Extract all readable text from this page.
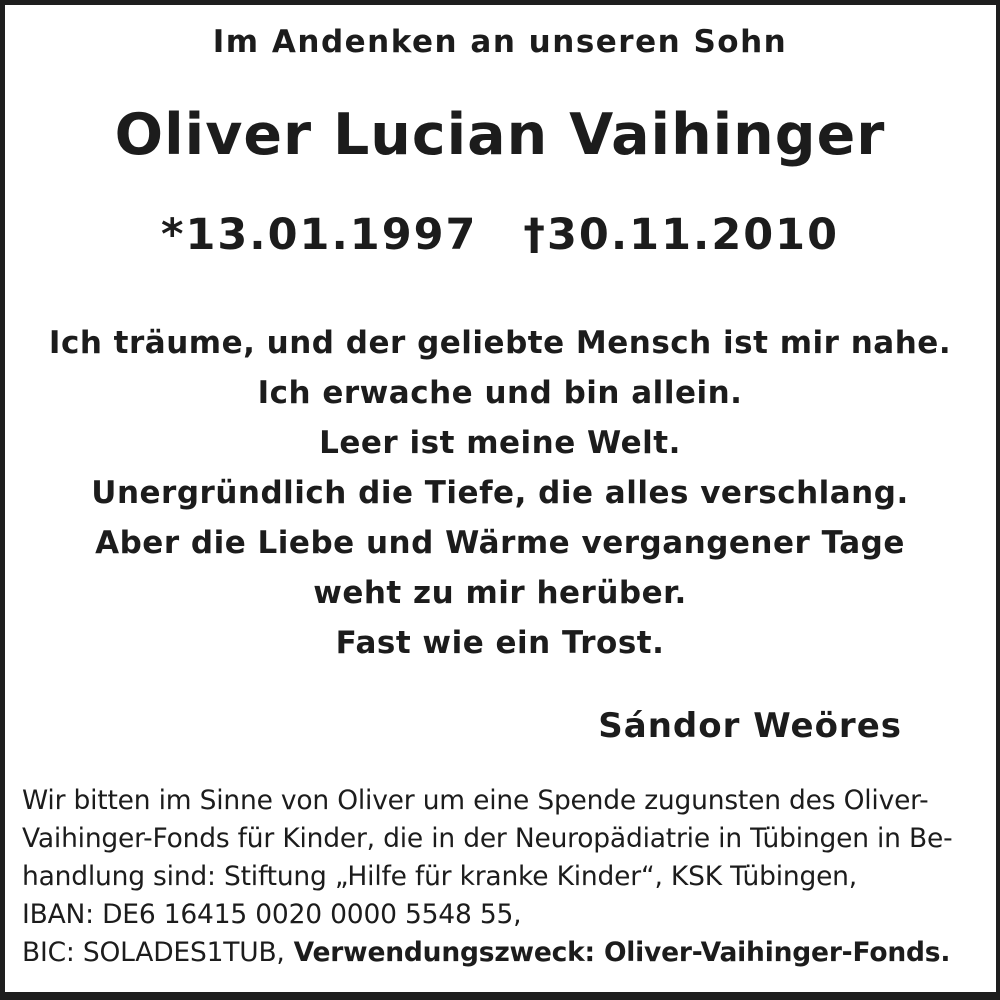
Im Andenken an unseren Sohn
Oliver Lucian Vaihinger
*13.01.1997 †30.11.2010
Ich träume, und der geliebte Mensch ist mir nahe.
Ich erwache und bin allein.
Leer ist meine Welt.
Unergründlich die Tiefe, die alles verschlang.
Aber die Liebe und Wärme vergangener Tage
weht zu mir herüber.
Fast wie ein Trost.
Sándor Weöres
Wir bitten im Sinne von Oliver um eine Spende zugunsten des Oliver-
Vaihinger-Fonds für Kinder, die in der Neuropädiatrie in Tübingen in Be-
handlung sind: Stiftung „Hilfe für kranke Kinder“, KSK Tübingen,
IBAN: DE6 16415 0020 0000 5548 55,
BIC: SOLADES1TUB, Verwendungszweck: Oliver-Vaihinger-Fonds.
